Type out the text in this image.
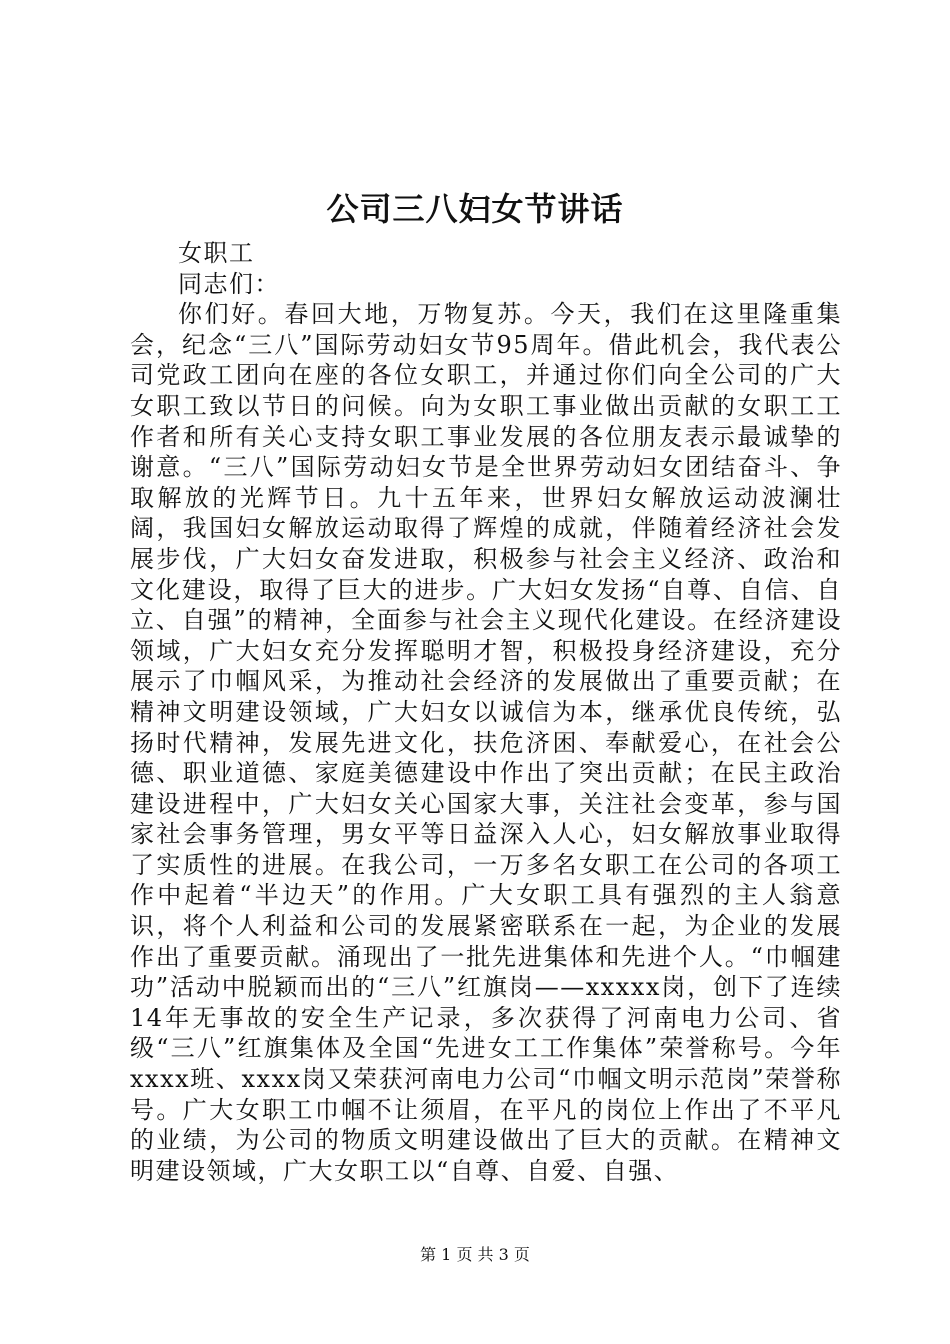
公司三八妇女节讲话

女职工

同志们：

你们好。春回大地，万物复苏。今天，我们在这里隆重集会，纪念“三八”国际劳动妇女节95周年。借此机会，我代表公司党政工团向在座的各位女职工，并通过你们向全公司的广大女职工致以节日的问候。向为女职工事业做出贡献的女职工工作者和所有关心支持女职工事业发展的各位朋友表示最诚挚的谢意。“三八”国际劳动妇女节是全世界劳动妇女团结奋斗、争取解放的光辉节日。九十五年来，世界妇女解放运动波澜壮阔，我国妇女解放运动取得了辉煌的成就，伴随着经济社会发展步伐，广大妇女奋发进取，积极参与社会主义经济、政治和文化建设，取得了巨大的进步。广大妇女发扬“自尊、自信、自立、自强”的精神，全面参与社会主义现代化建设。在经济建设领域，广大妇女充分发挥聪明才智，积极投身经济建设，充分展示了巾帼风采，为推动社会经济的发展做出了重要贡献；在精神文明建设领域，广大妇女以诚信为本，继承优良传统，弘扬时代精神，发展先进文化，扶危济困、奉献爱心，在社会公德、职业道德、家庭美德建设中作出了突出贡献；在民主政治建设进程中，广大妇女关心国家大事，关注社会变革，参与国家社会事务管理，男女平等日益深入人心，妇女解放事业取得了实质性的进展。在我公司，一万多名女职工在公司的各项工作中起着“半边天”的作用。广大女职工具有强烈的主人翁意识，将个人利益和公司的发展紧密联系在一起，为企业的发展作出了重要贡献。涌现出了一批先进集体和先进个人。“巾帼建功”活动中脱颖而出的“三八”红旗岗——xxxxx岗，创下了连续14年无事故的安全生产记录，多次获得了河南电力公司、省级“三八”红旗集体及全国“先进女工工作集体”荣誉称号。今年xxxx班、xxxx岗又荣获河南电力公司“巾帼文明示范岗”荣誉称号。广大女职工巾帼不让须眉，在平凡的岗位上作出了不平凡的业绩，为公司的物质文明建设做出了巨大的贡献。在精神文明建设领域，广大女职工以“自尊、自爱、自强、

第 1 页 共 3 页
